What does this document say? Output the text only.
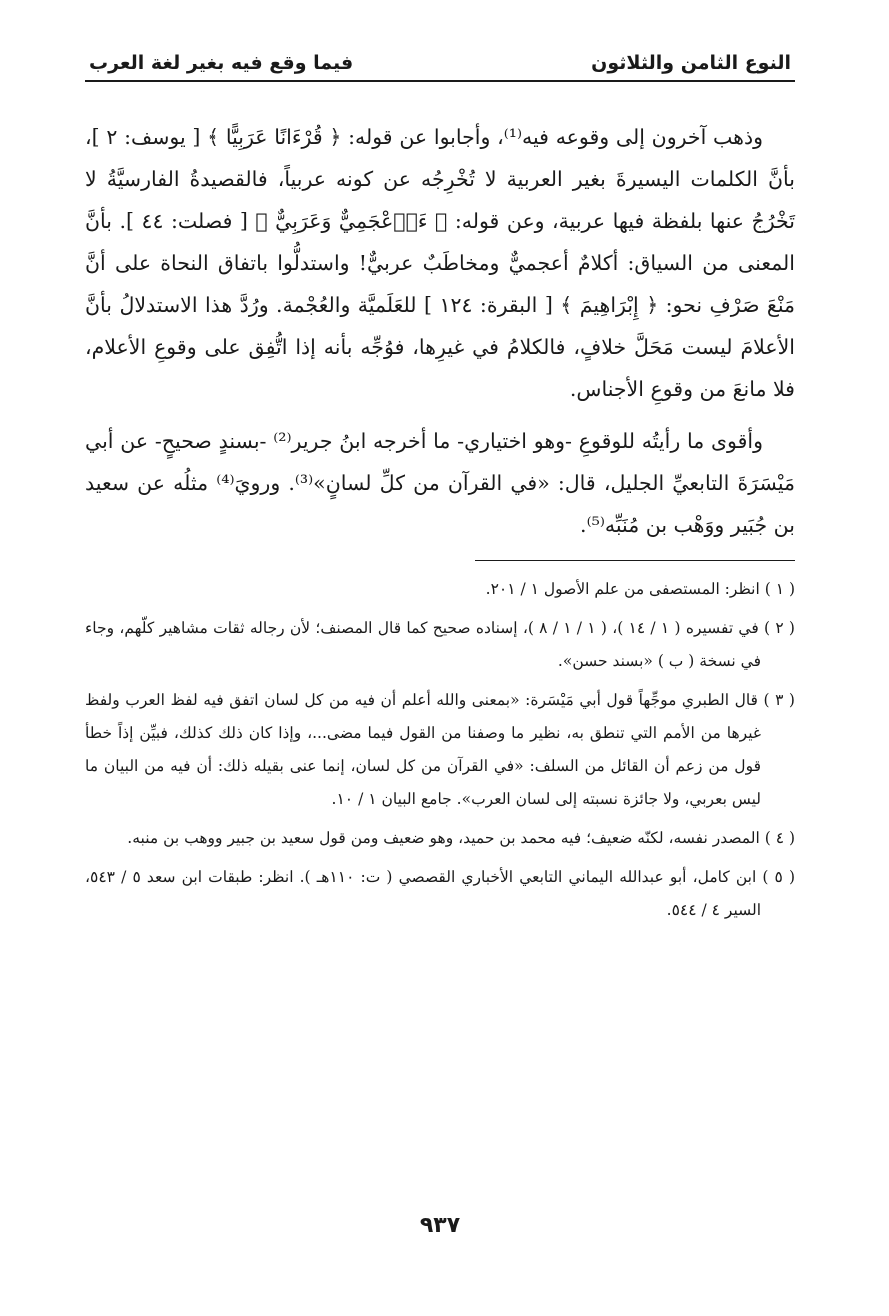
النوع الثامن والثلاثون
فيما وقع فيه بغير لغة العرب

وذهب آخرون إلى وقوعه فيه⁽¹⁾، وأجابوا عن قوله: ﴿ قُرْءَانًا عَرَبِيًّا ﴾ [ يوسف: ٢ ]، بأنَّ الكلمات اليسيرةَ بغير العربية لا تُخْرِجُه عن كونه عربياً، فالقصيدةُ الفارسيَّةُ لا تَخْرُجُ عنها بلفظة فيها عربية، وعن قوله: ﴿ ءَا۬عْجَمِيٌّ وَعَرَبِيٌّ ﴾ [ فصلت: ٤٤ ]. بأنَّ المعنى من السياق: أكلامٌ أعجميٌّ ومخاطَبٌ عربيٌّ! واستدلُّوا باتفاق النحاة على أنَّ مَنْعَ صَرْفِ نحو: ﴿ إِبْرَاهِيمَ ﴾ [ البقرة: ١٢٤ ] للعَلَميَّة والعُجْمة. ورُدَّ هذا الاستدلالُ بأنَّ الأعلامَ ليست مَحَلَّ خلافٍ، فالكلامُ في غيرِها، فوُجِّه بأنه إذا اتُّفِق على وقوعِ الأعلام، فلا مانعَ من وقوعِ الأجناس.

وأقوى ما رأيتُه للوقوعِ -وهو اختياري- ما أخرجه ابنُ جرير⁽²⁾ -بسندٍ صحيحٍ- عن أبي مَيْسَرَةَ التابعيِّ الجليل، قال: «في القرآن من كلِّ لسانٍ»⁽³⁾. ورويَ⁽⁴⁾ مثلُه عن سعيد بن جُبَير ووَهْب بن مُنَبِّه⁽⁵⁾.

( ١ ) انظر: المستصفى من علم الأصول ١ / ٢٠١.

( ٢ ) في تفسيره ( ١ / ١٤ )، ( ١ / ١ / ٨ )، إسناده صحيح كما قال المصنف؛ لأن رجاله ثقات مشاهير كلّهم، وجاء في نسخة ( ب ) «بسند حسن».

( ٣ ) قال الطبري موجِّهاً قول أبي مَيْسَرة: «بمعنى والله أعلم أن فيه من كل لسان اتفق فيه لفظ العرب ولفظ غيرها من الأمم التي تنطق به، نظير ما وصفنا من القول فيما مضى...، وإذا كان ذلك كذلك، فبيِّن إذاً خطأ قول من زعم أن القائل من السلف: «في القرآن من كل لسان، إنما عنى بقيله ذلك: أن فيه من البيان ما ليس بعربي، ولا جائزة نسبته إلى لسان العرب». جامع البيان ١ / ١٠.

( ٤ ) المصدر نفسه، لكنّه ضعيف؛ فيه محمد بن حميد، وهو ضعيف ومن قول سعيد بن جبير ووهب بن منبه.

( ٥ ) ابن كامل، أبو عبدالله اليماني التابعي الأخباري القصصي ( ت: ١١٠هـ ). انظر: طبقات ابن سعد ٥ / ٥٤٣، السير ٤ / ٥٤٤.

٩٣٧
